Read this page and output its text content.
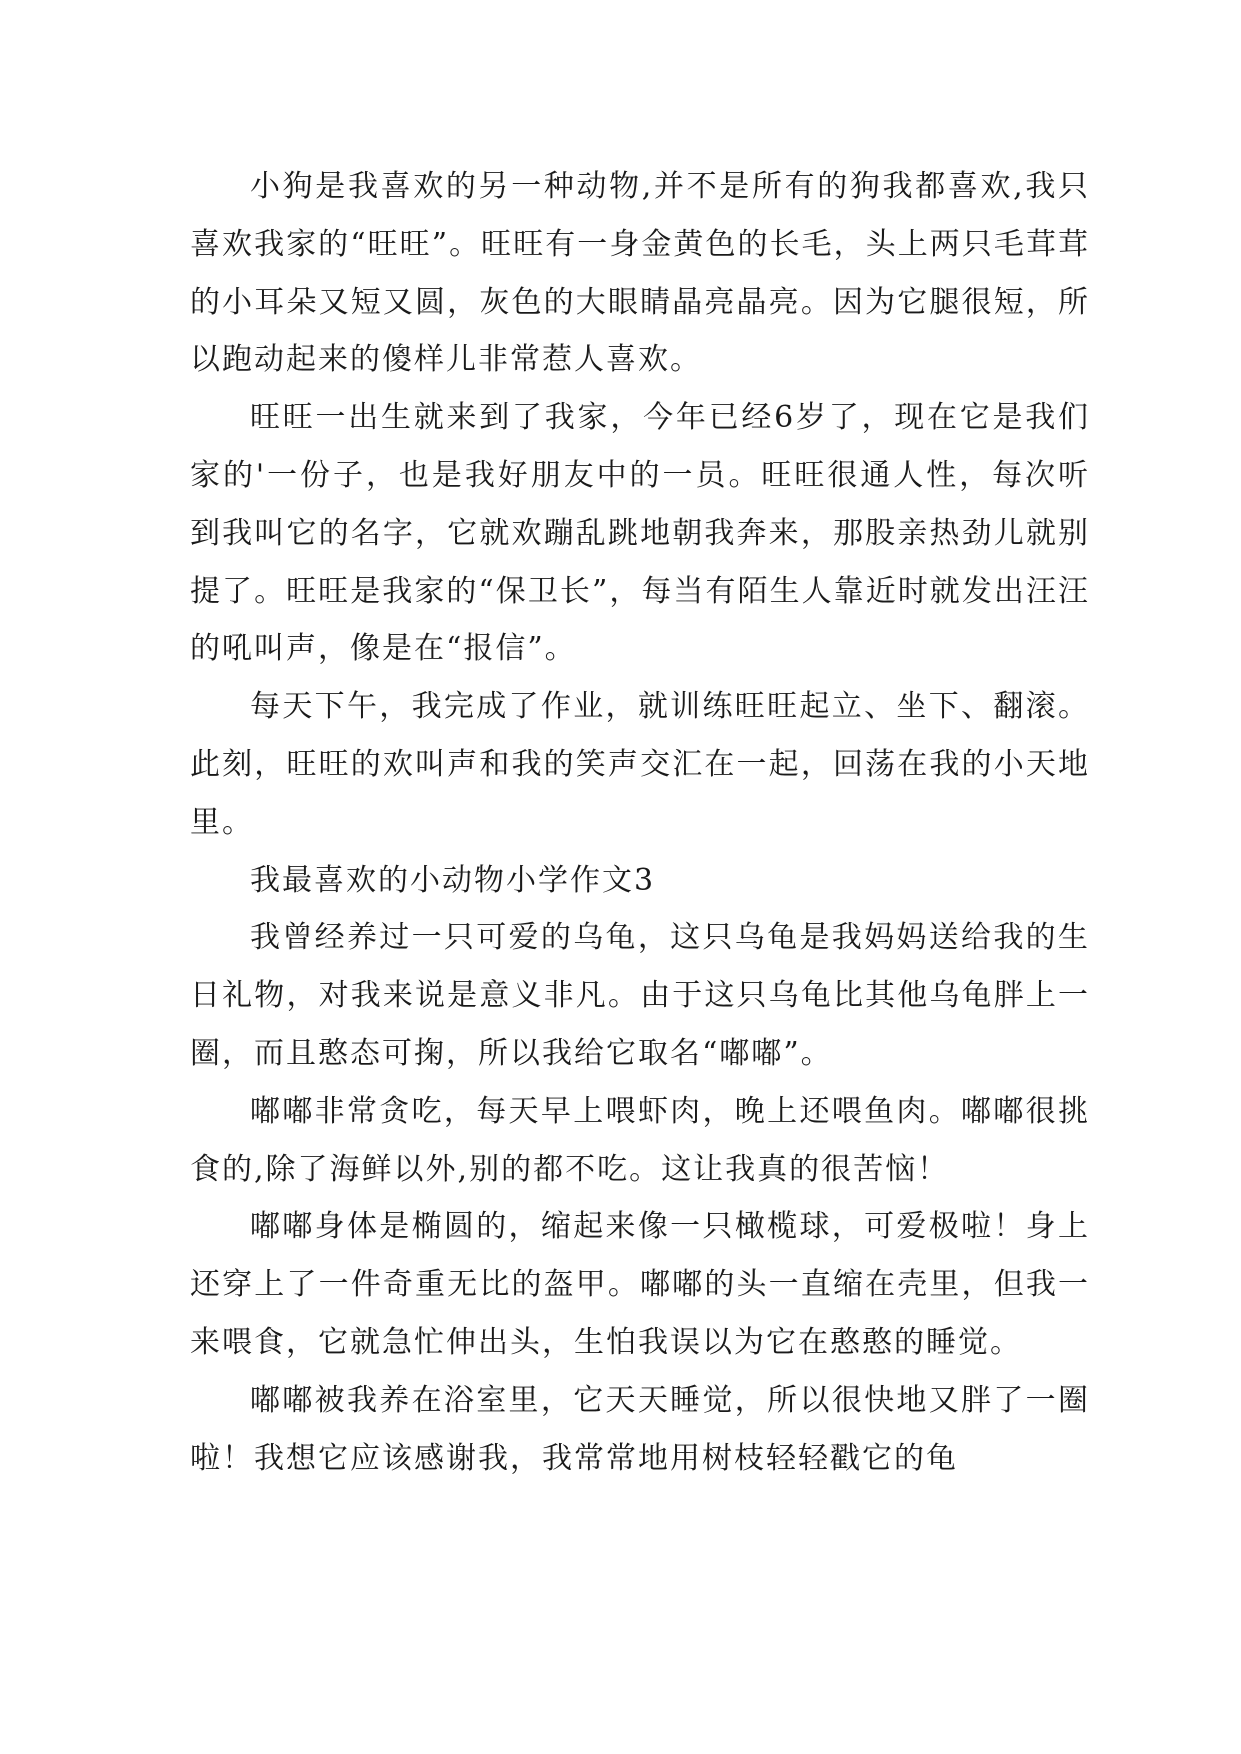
小狗是我喜欢的另一种动物,并不是所有的狗我都喜欢,我只喜欢我家的“旺旺”。旺旺有一身金黄色的长毛，头上两只毛茸茸的小耳朵又短又圆，灰色的大眼睛晶亮晶亮。因为它腿很短，所以跑动起来的傻样儿非常惹人喜欢。

旺旺一出生就来到了我家，今年已经6岁了，现在它是我们家的'一份子，也是我好朋友中的一员。旺旺很通人性，每次听到我叫它的名字，它就欢蹦乱跳地朝我奔来，那股亲热劲儿就别提了。旺旺是我家的“保卫长”，每当有陌生人靠近时就发出汪汪的吼叫声，像是在“报信”。

每天下午，我完成了作业，就训练旺旺起立、坐下、翻滚。此刻，旺旺的欢叫声和我的笑声交汇在一起，回荡在我的小天地里。

我最喜欢的小动物小学作文3

我曾经养过一只可爱的乌龟，这只乌龟是我妈妈送给我的生日礼物，对我来说是意义非凡。由于这只乌龟比其他乌龟胖上一圈，而且憨态可掬，所以我给它取名“嘟嘟”。

嘟嘟非常贪吃，每天早上喂虾肉，晚上还喂鱼肉。嘟嘟很挑食的,除了海鲜以外,别的都不吃。这让我真的很苦恼！

嘟嘟身体是椭圆的，缩起来像一只橄榄球，可爱极啦！身上还穿上了一件奇重无比的盔甲。嘟嘟的头一直缩在壳里，但我一来喂食，它就急忙伸出头，生怕我误以为它在憨憨的睡觉。

嘟嘟被我养在浴室里，它天天睡觉，所以很快地又胖了一圈啦！我想它应该感谢我，我常常地用树枝轻轻戳它的龟
